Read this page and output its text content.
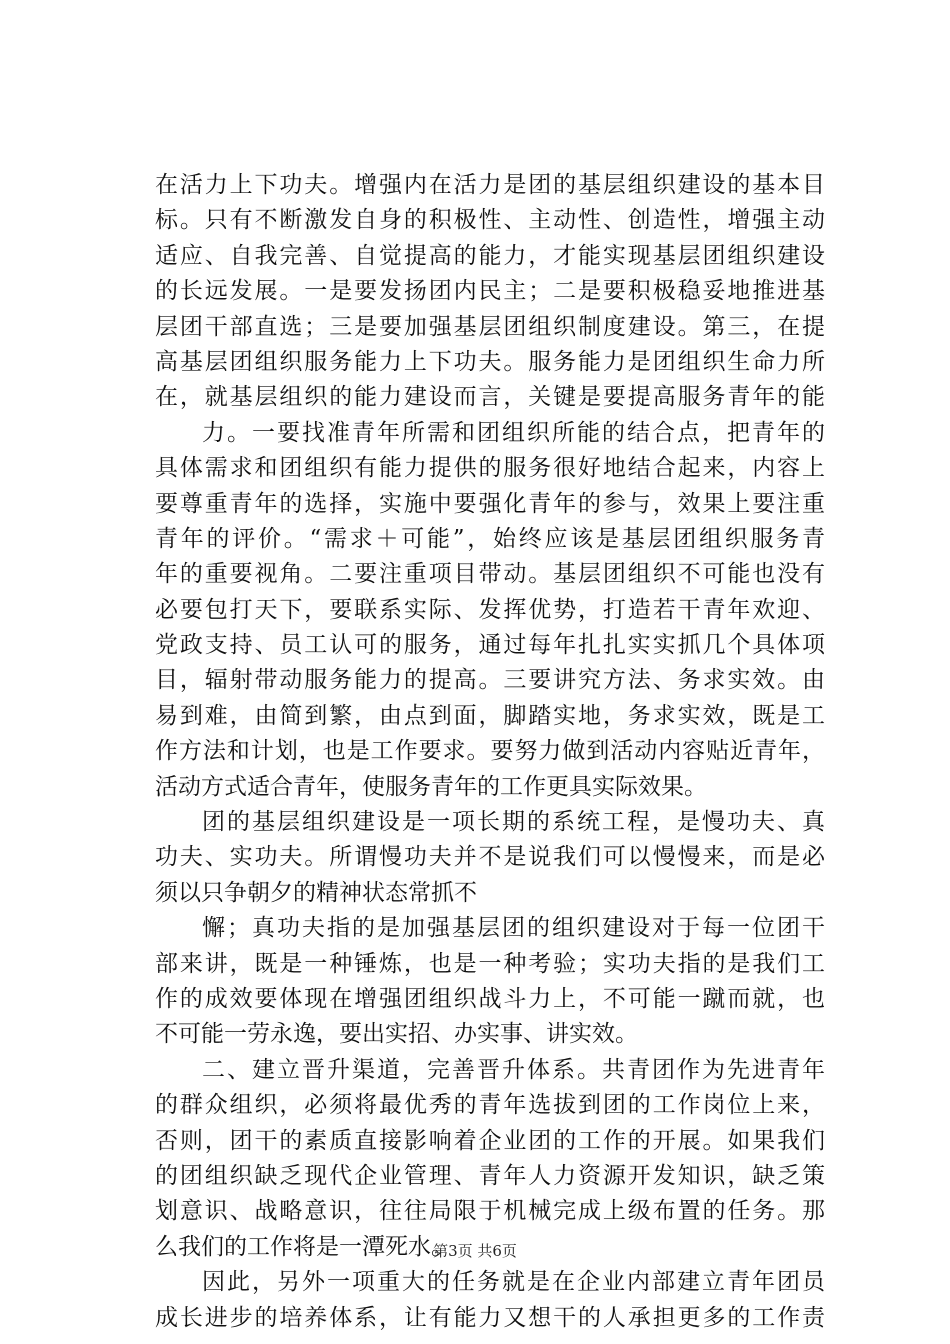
在活力上下功夫。增强内在活力是团的基层组织建设的基本目
标。只有不断激发自身的积极性、主动性、创造性，增强主动
适应、自我完善、自觉提高的能力，才能实现基层团组织建设
的长远发展。一是要发扬团内民主；二是要积极稳妥地推进基
层团干部直选；三是要加强基层团组织制度建设。第三，在提
高基层团组织服务能力上下功夫。服务能力是团组织生命力所
在，就基层组织的能力建设而言，关键是要提高服务青年的能
力。一要找准青年所需和团组织所能的结合点，把青年的
具体需求和团组织有能力提供的服务很好地结合起来，内容上
要尊重青年的选择，实施中要强化青年的参与，效果上要注重
青年的评价。“需求＋可能”，始终应该是基层团组织服务青
年的重要视角。二要注重项目带动。基层团组织不可能也没有
必要包打天下，要联系实际、发挥优势，打造若干青年欢迎、
党政支持、员工认可的服务，通过每年扎扎实实抓几个具体项
目，辐射带动服务能力的提高。三要讲究方法、务求实效。由
易到难，由简到繁，由点到面，脚踏实地，务求实效，既是工
作方法和计划，也是工作要求。要努力做到活动内容贴近青年，
活动方式适合青年，使服务青年的工作更具实际效果。
团的基层组织建设是一项长期的系统工程，是慢功夫、真
功夫、实功夫。所谓慢功夫并不是说我们可以慢慢来，而是必
须以只争朝夕的精神状态常抓不
懈；真功夫指的是加强基层团的组织建设对于每一位团干
部来讲，既是一种锤炼，也是一种考验；实功夫指的是我们工
作的成效要体现在增强团组织战斗力上，不可能一蹴而就，也
不可能一劳永逸，要出实招、办实事、讲实效。
二、建立晋升渠道，完善晋升体系。共青团作为先进青年
的群众组织，必须将最优秀的青年选拔到团的工作岗位上来，
否则，团干的素质直接影响着企业团的工作的开展。如果我们
的团组织缺乏现代企业管理、青年人力资源开发知识，缺乏策
划意识、战略意识，往往局限于机械完成上级布置的任务。那
么我们的工作将是一潭死水。
因此，另外一项重大的任务就是在企业内部建立青年团员
成长进步的培养体系，让有能力又想干的人承担更多的工作责
第3页 共6页
